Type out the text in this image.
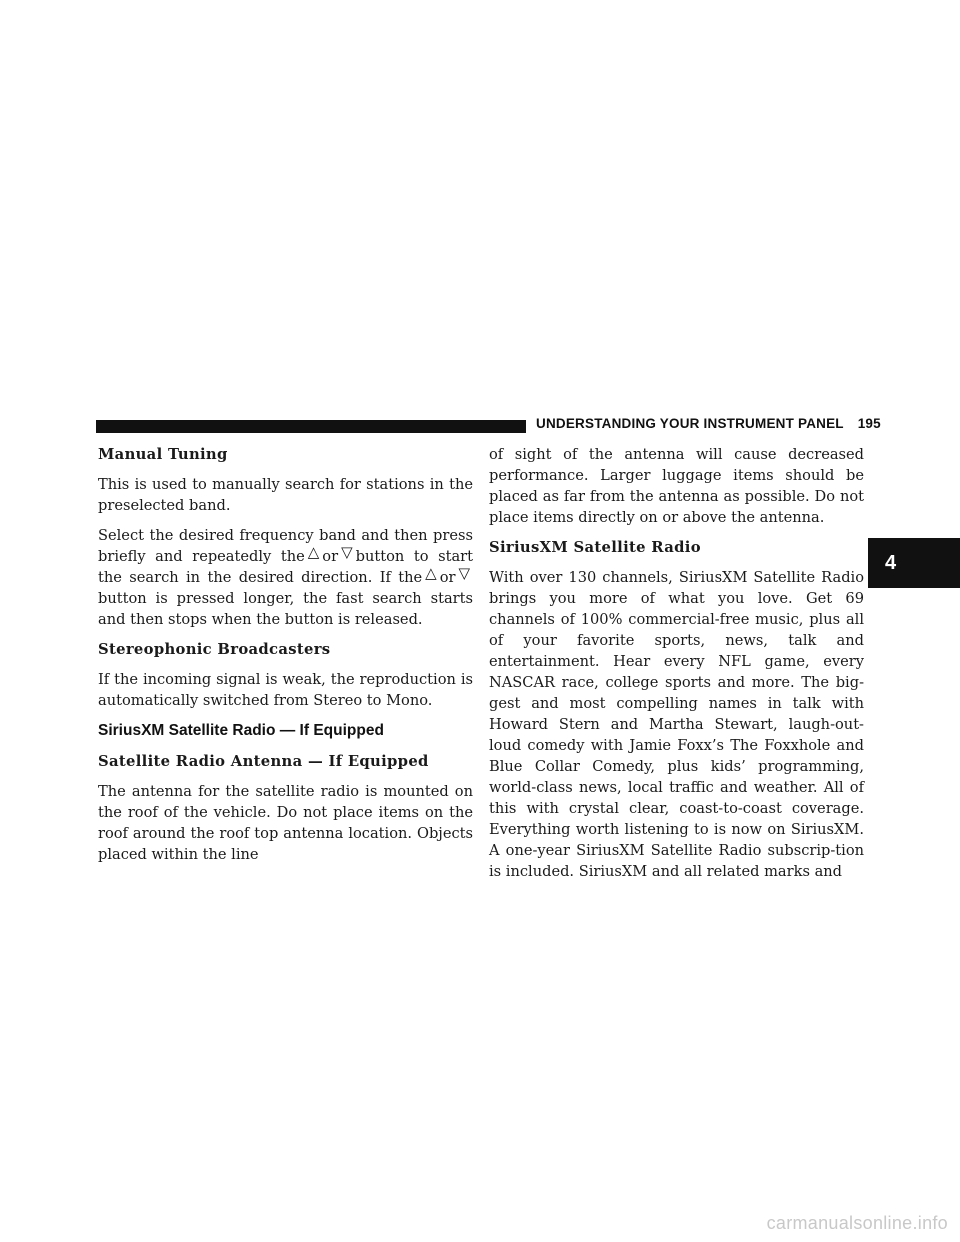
UNDERSTANDING YOUR INSTRUMENT PANEL 195
4
Manual Tuning

This is used to manually search for stations in the preselected band.

Select the desired frequency band and then press briefly and repeatedly the △ or ▽ button to start the search in the desired direction. If the △ or ▽button is pressed longer, the fast search starts and then stops when the button is released.

Stereophonic Broadcasters

If the incoming signal is weak, the reproduction is automatically switched from Stereo to Mono.

SiriusXM Satellite Radio — If Equipped
Satellite Radio Antenna — If Equipped

The antenna for the satellite radio is mounted on the roof of the vehicle. Do not place items on the roof around the roof top antenna location. Objects placed within the line

of sight of the antenna will cause decreased performance. Larger luggage items should be placed as far from the antenna as possible. Do not place items directly on or above the antenna.

SiriusXM Satellite Radio

With over 130 channels, SiriusXM Satellite Radio brings you more of what you love. Get 69 channels of 100% commercial-free music, plus all of your favorite sports, news, talk and entertainment. Hear every NFL game, every NASCAR race, college sports and more. The big-gest and most compelling names in talk with Howard Stern and Martha Stewart, laugh-out-loud comedy with Jamie Foxx’s The Foxxhole and Blue Collar Comedy, plus kids’ programming, world-class news, local traffic and weather. All of this with crystal clear, coast-to-coast coverage. Everything worth listening to is now on SiriusXM. A one-year SiriusXM Satellite Radio subscrip-tion is included. SiriusXM and all related marks and

carmanualsonline.info
